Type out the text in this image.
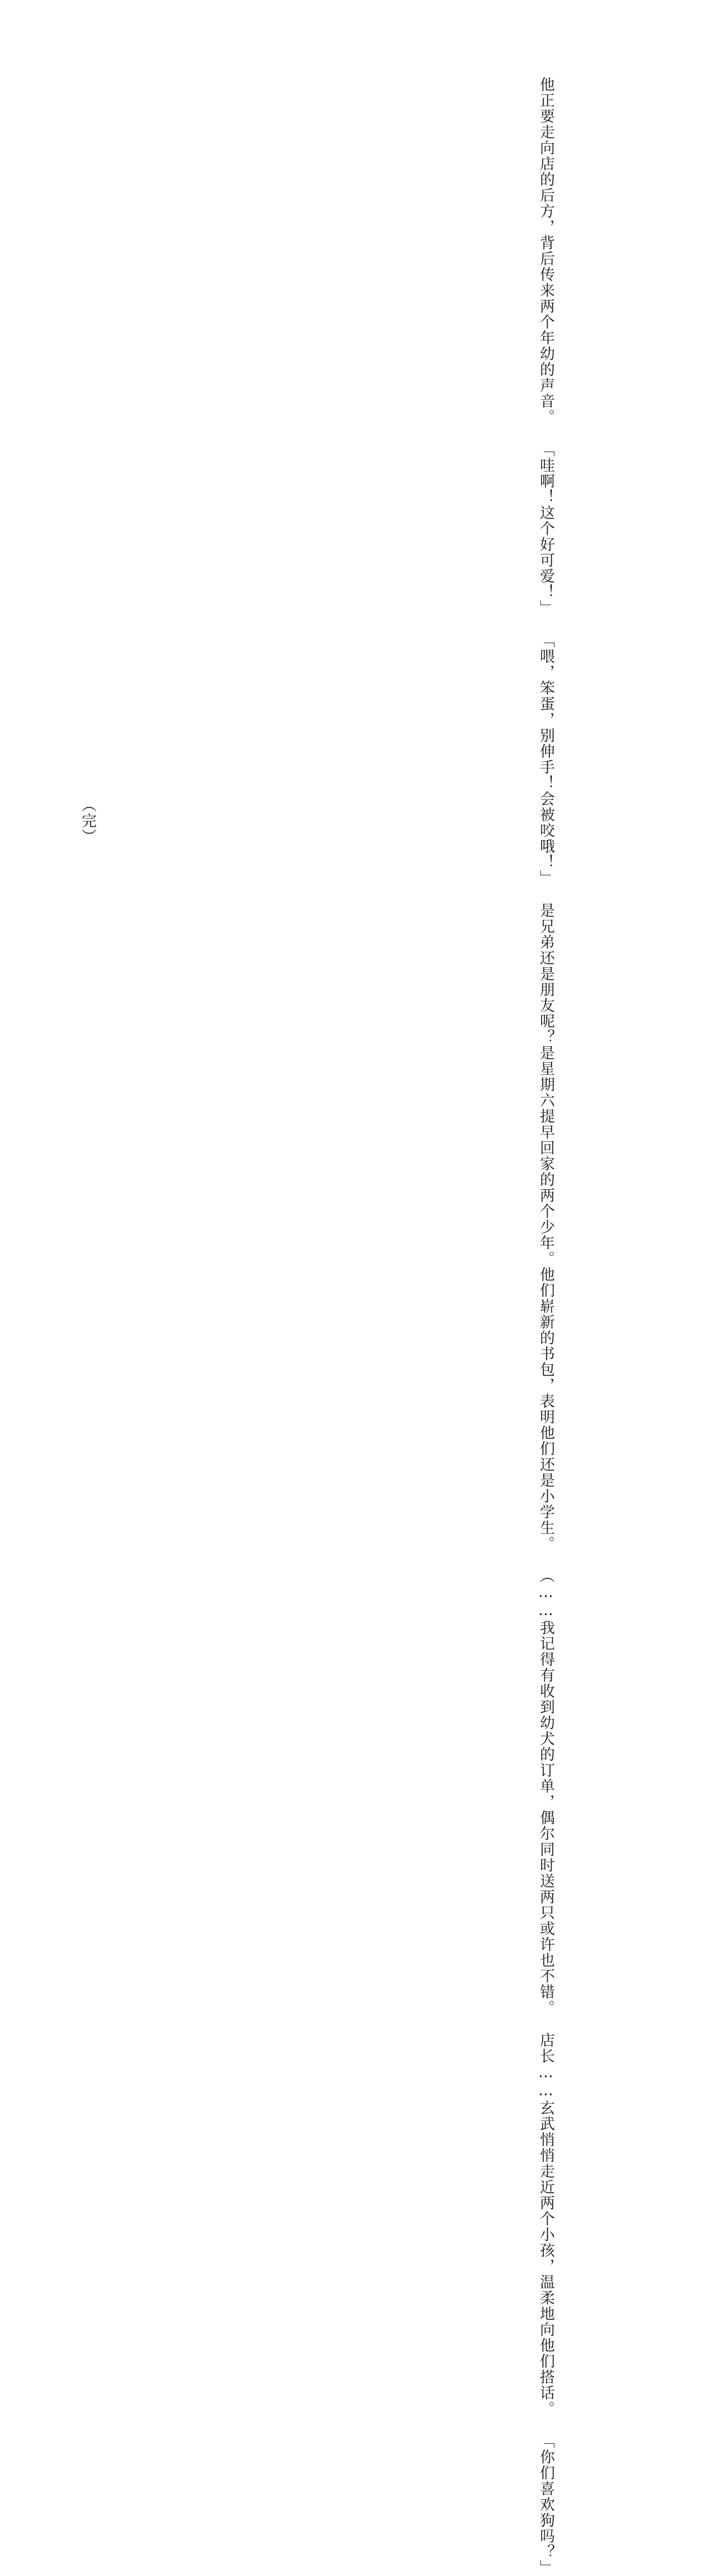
他正要走向店的后方，背后传来两个年幼的声音。
「哇啊！这个好可爱！」
「喂，笨蛋，别伸手！会被咬哦！」
是兄弟还是朋友呢？是星期六提早回家的两个少年。他
们崭新的书包，表明他们还是小学生。
（……我记得有收到幼犬的订单，偶尔同时送两只或许
也不错。
店长……玄武悄悄走近两个小孩，温柔地向他们搭话。
「你们喜欢狗吗？」
（完）
